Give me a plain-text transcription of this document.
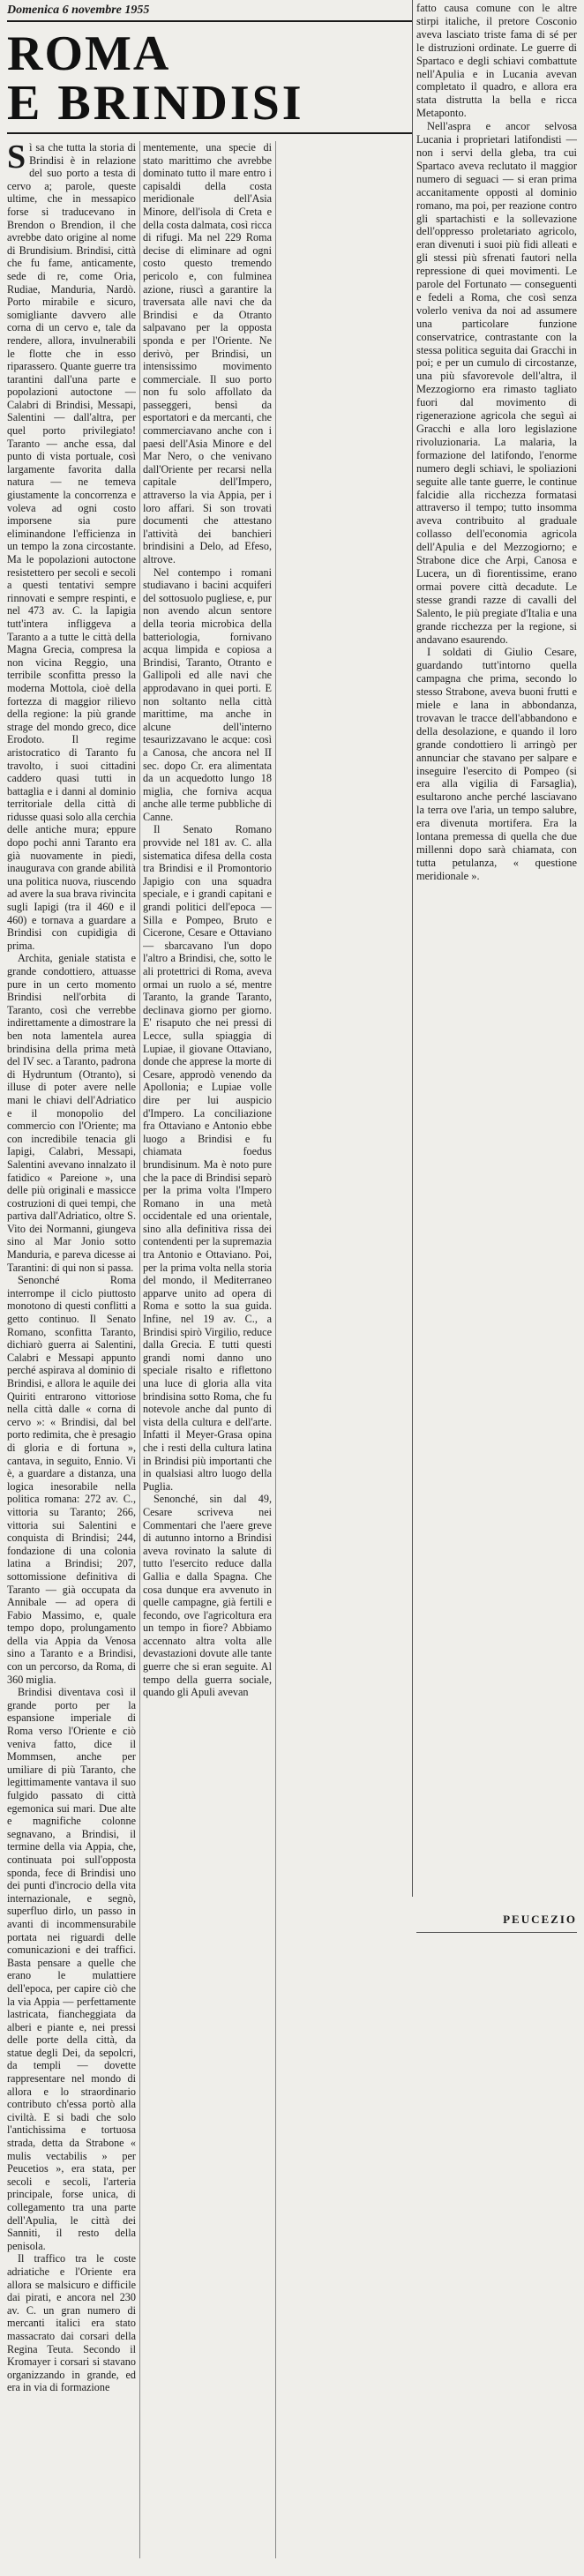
Domenica 6 novembre 1955
ROMA
E BRINDISI

Sì sa che tutta la storia di Brindisi è in relazione del suo porto a testa di cervo a; parole, queste ultime, che in messapico forse si traducevano in Brendon o Brendion, il che avrebbe dato origine al nome di Brundisium. Brindisi, città che fu fame, anticamente, sede di re, come Oria, Rudiae, Manduria, Nardò. Porto mirabile e sicuro, somigliante davvero alle corna di un cervo e, tale da rendere, allora, invulnerabili le flotte che in esso riparassero. Quante guerre tra tarantini dall'una parte e popolazioni autoctone — Calabri di Brindisi, Messapi, Salentini — dall'altra, per quel porto privilegiato! Taranto — anche essa, dal punto di vista portuale, così largamente favorita dalla natura — ne temeva giustamente la concorrenza e voleva ad ogni costo imporsene sia pure eliminandone l'efficienza in un tempo la zona circostante. Ma le popolazioni autoctone resistettero per secoli e secoli a questi tentativi sempre rinnovati e sempre respinti, e nel 473 av. C. la Iapigia tutt'intera infliggeva a Taranto a a tutte le città della Magna Grecia, compresa la non vicina Reggio, una terribile sconfitta presso la moderna Mottola, cioè della fortezza di maggior rilievo della regione: la più grande strage del mondo greco, dice Erodoto. Il regime aristocratico di Taranto fu travolto, i suoi cittadini caddero quasi tutti in battaglia e i danni al dominio territoriale della città di ridusse quasi solo alla cerchia delle antiche mura; eppure dopo pochi anni Taranto era già nuovamente in piedi, inaugurava con grande abilità una politica nuova, riuscendo ad avere la sua brava rivincita sugli Iapigi (tra il 460 e il 460) e tornava a guardare a Brindisi con cupidigia di prima.

Archita, geniale statista e grande condottiero, attuasse pure in un certo momento Brindisi nell'orbita di Taranto, così che verrebbe indirettamente a dimostrare la ben nota lamentela aurea brindisina della prima metà del IV sec. a Taranto, padrona di Hydruntum (Otranto), si illuse di poter avere nelle mani le chiavi dell'Adriatico e il monopolio del commercio con l'Oriente; ma con incredibile tenacia gli Iapigi, Calabri, Messapi, Salentini avevano innalzato il fatidico « Pareione », una delle più originali e massicce costruzioni di quei tempi, che partiva dall'Adriatico, oltre S. Vito dei Normanni, giungeva sino al Mar Jonio sotto Manduria, e pareva dicesse ai Tarantini: di qui non si passa.

Senonché Roma interrompe il ciclo piuttosto monotono di questi conflitti a getto continuo. Il Senato Romano, sconfitta Taranto, dichiarò guerra ai Salentini, Calabri e Messapi appunto perché aspirava al dominio di Brindisi, e allora le aquile dei Quiriti entrarono vittoriose nella città dalle « corna di cervo »: « Brindisi, dal bel porto redimita, che è presagio di gloria e di fortuna », cantava, in seguito, Ennio. Vi è, a guardare a distanza, una logica inesorabile nella politica romana: 272 av. C., vittoria su Taranto; 266, vittoria sui Salentini e conquista di Brindisi; 244, fondazione di una colonia latina a Brindisi; 207, sottomissione definitiva di Taranto — già occupata da Annibale — ad opera di Fabio Massimo, e, quale tempo dopo, prolungamento della via Appia da Venosa sino a Taranto e a Brindisi, con un percorso, da Roma, di 360 miglia.

Brindisi diventava così il grande porto per la espansione imperiale di Roma verso l'Oriente e ciò veniva fatto, dice il Mommsen, anche per umiliare di più Taranto, che legittimamente vantava il suo fulgido passato di città egemonica sui mari. Due alte e magnifiche colonne segnavano, a Brindisi, il termine della via Appia, che, continuata poi sull'opposta sponda, fece di Brindisi uno dei punti d'incrocio della vita internazionale, e segnò, superfluo dirlo, un passo in avanti di incommensurabile portata nei riguardi delle comunicazioni e dei traffici. Basta pensare a quelle che erano le mulattiere dell'epoca, per capire ciò che la via Appia — perfettamente lastricata, fiancheggiata da alberi e piante e, nei pressi delle porte della città, da statue degli Dei, da sepolcri, da templi — dovette rappresentare nel mondo di allora e lo straordinario contributo ch'essa portò alla civiltà. E si badi che solo l'antichissima e tortuosa strada, detta da Strabone « mulis vectabilis » per Peucetios », era stata, per secoli e secoli, l'arteria principale, forse unica, di collegamento tra una parte dell'Apulia, le città dei Sanniti, il resto della penisola.

Il traffico tra le coste adriatiche e l'Oriente era allora se malsicuro e difficile dai pirati, e ancora nel 230 av. C. un gran numero di mercanti italici era stato massacrato dai corsari della Regina Teuta. Secondo il Kromayer i corsari si stavano organizzando in grande, ed era in via di formazione

mentemente, una specie di stato marittimo che avrebbe dominato tutto il mare entro i capisaldi della costa meridionale dell'Asia Minore, dell'isola di Creta e della costa dalmata, così ricca di rifugi. Ma nel 229 Roma decise di eliminare ad ogni costo questo tremendo pericolo e, con fulminea azione, riuscì a garantire la traversata alle navi che da Brindisi e da Otranto salpavano per la opposta sponda e per l'Oriente. Ne derivò, per Brindisi, un intensissimo movimento commerciale. Il suo porto non fu solo affollato da passeggeri, bensì da esportatori e da mercanti, che commerciavano anche con i paesi dell'Asia Minore e del Mar Nero, o che venivano dall'Oriente per recarsi nella capitale dell'Impero, attraverso la via Appia, per i loro affari. Si son trovati documenti che attestano l'attività dei banchieri brindisini a Delo, ad Efeso, altrove.

Nel contempo i romani studiavano i bacini acquiferi del sottosuolo pugliese, e, pur non avendo alcun sentore della teoria microbica della batteriologia, fornivano acqua limpida e copiosa a Brindisi, Taranto, Otranto e Gallipoli ed alle navi che approdavano in quei porti. E non soltanto nella città marittime, ma anche in alcune dell'interno tesaurizzavano le acque: così a Canosa, che ancora nel II sec. dopo Cr. era alimentata da un acquedotto lungo 18 miglia, che forniva acqua anche alle terme pubbliche di Canne.

Il Senato Romano provvide nel 181 av. C. alla sistematica difesa della costa tra Brindisi e il Promontorio Japigio con una squadra speciale, e i grandi capitani e grandi politici dell'epoca — Silla e Pompeo, Bruto e Cicerone, Cesare e Ottaviano — sbarcavano l'un dopo l'altro a Brindisi, che, sotto le ali protettrici di Roma, aveva ormai un ruolo a sé, mentre Taranto, la grande Taranto, declinava giorno per giorno. E' risaputo che nei pressi di Lecce, sulla spiaggia di Lupiae, il giovane Ottaviano, donde che apprese la morte di Cesare, approdò venendo da Apollonia; e Lupiae volle dire per lui auspicio d'Impero. La conciliazione fra Ottaviano e Antonio ebbe luogo a Brindisi e fu chiamata foedus brundisinum. Ma è noto pure che la pace di Brindisi separò per la prima volta l'Impero Romano in una metà occidentale ed una orientale, sino alla definitiva rissa dei contendenti per la supremazia tra Antonio e Ottaviano. Poi, per la prima volta nella storia del mondo, il Mediterraneo apparve unito ad opera di Roma e sotto la sua guida. Infine, nel 19 av. C., a Brindisi spirò Virgilio, reduce dalla Grecia. E tutti questi grandi nomi danno uno speciale risalto e riflettono una luce di gloria alla vita brindisina sotto Roma, che fu notevole anche dal punto di vista della cultura e dell'arte. Infatti il Meyer-Grasa opina che i resti della cultura latina in Brindisi più importanti che in qualsiasi altro luogo della Puglia.

Senonché, sin dal 49, Cesare scriveva nei Commentari che l'aere greve di autunno intorno a Brindisi aveva rovinato la salute di tutto l'esercito reduce dalla Gallia e dalla Spagna. Che cosa dunque era avvenuto in quelle campagne, già fertili e fecondo, ove l'agricoltura era un tempo in fiore? Abbiamo accennato altra volta alle devastazioni dovute alle tante guerre che si eran seguite. Al tempo della guerra sociale, quando gli Apuli avevan

fatto causa comune con le altre stirpi italiche, il pretore Cosconio aveva lasciato triste fama di sé per le distruzioni ordinate. Le guerre di Spartaco e degli schiavi combattute nell'Apulia e in Lucania avevan completato il quadro, e allora era stata distrutta la bella e ricca Metaponto.

Nell'aspra e ancor selvosa Lucania i proprietari latifondisti — non i servi della gleba, tra cui Spartaco aveva reclutato il maggior numero di seguaci — si eran prima accanitamente opposti al dominio romano, ma poi, per reazione contro gli spartachisti e la sollevazione dell'oppresso proletariato agricolo, eran divenuti i suoi più fidi alleati e gli stessi più sfrenati fautori nella repressione di quei movimenti. Le parole del Fortunato — conseguenti e fedeli a Roma, che così senza volerlo veniva da noi ad assumere una particolare funzione conservatrice, contrastante con la stessa politica seguita dai Gracchi in poi; e per un cumulo di circostanze, una più sfavorevole dell'altra, il Mezzogiorno era rimasto tagliato fuori dal movimento di rigenerazione agricola che seguì ai Gracchi e alla loro legislazione rivoluzionaria. La malaria, la formazione del latifondo, l'enorme numero degli schiavi, le spoliazioni seguite alle tante guerre, le continue falcidie alla ricchezza formatasi attraverso il tempo; tutto insomma aveva contribuito al graduale collasso dell'economia agricola dell'Apulia e del Mezzogiorno; e Strabone dice che Arpi, Canosa e Lucera, un dì fiorentissime, erano ormai povere città decadute. Le stesse grandi razze di cavalli del Salento, le più pregiate d'Italia e una grande ricchezza per la regione, si andavano esaurendo.

I soldati di Giulio Cesare, guardando tutt'intorno quella campagna che prima, secondo lo stesso Strabone, aveva buoni frutti e miele e lana in abbondanza, trovavan le tracce dell'abbandono e della desolazione, e quando il loro grande condottiero li arringò per annunciar che stavano per salpare e inseguire l'esercito di Pompeo (si era alla vigilia di Farsaglia), esultarono anche perché lasciavano la terra ove l'aria, un tempo salubre, era divenuta mortifera. Era la lontana premessa di quella che due millenni dopo sarà chiamata, con tutta petulanza, « questione meridionale ».

PEUCEZIO
